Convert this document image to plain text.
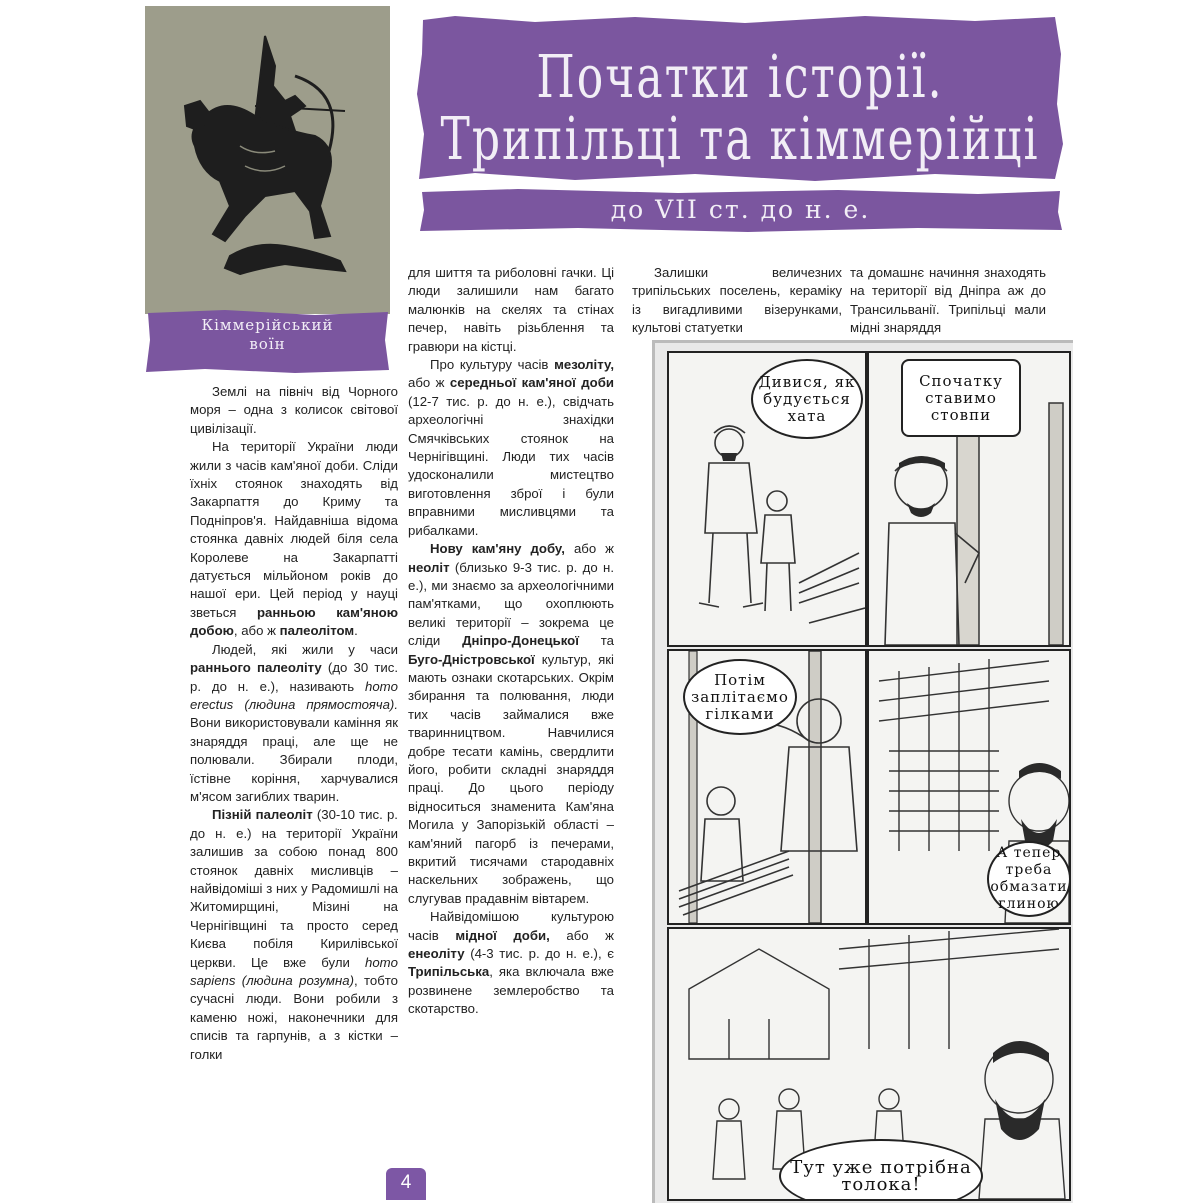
Початки історії.
Трипільці та кіммерійці
до VII ст. до н. е.
Кіммерійський воїн

Землі на північ від Чорного моря – одна з колисок світової цивілізації.

На території України люди жили з часів кам'яної доби. Сліди їхніх стоянок знаходять від Закарпаття до Криму та Подніпров'я. Найдавніша відома стоянка давніх людей біля села Королеве на Закарпатті датується мільйоном років до нашої ери. Цей період у науці зветься ранньою кам'яною добою, або ж палеолітом.

Людей, які жили у часи раннього палеоліту (до 30 тис. р. до н. е.), називають homo erectus (людина прямостояча). Вони використовували каміння як знаряддя праці, але ще не полювали. Збирали плоди, їстівне коріння, харчувалися м'ясом загиблих тварин.

Пізній палеоліт (30-10 тис. р. до н. е.) на території України залишив за собою понад 800 стоянок давніх мисливців – найвідоміші з них у Радомишлі на Житомирщині, Мізині на Чернігівщині та просто серед Києва побіля Кирилівської церкви. Це вже були homo sapiens (людина розумна), тобто сучасні люди. Вони робили з каменю ножі, наконечники для списів та гарпунів, а з кістки – голки

для шиття та риболовні гачки. Ці люди залишили нам багато малюнків на скелях та стінах печер, навіть різьблення та гравюри на кістці.

Про культуру часів мезоліту, або ж середньої кам'яної доби (12-7 тис. р. до н. е.), свідчать археологічні знахідки Смячківських стоянок на Чернігівщині. Люди тих часів удосконалили мистецтво виготовлення зброї і були вправними мисливцями та рибалками.

Нову кам'яну добу, або ж неоліт (близько 9-3 тис. р. до н. е.), ми знаємо за археологічними пам'ятками, що охоплюють великі території – зокрема це сліди Дніпро-Донецької та Буго-Дністровської культур, які мають ознаки скотарських. Окрім збирання та полювання, люди тих часів займалися вже тваринництвом. Навчилися добре тесати камінь, свердлити його, робити складні знаряддя праці. До цього періоду відноситься знаменита Кам'яна Могила у Запорізькій області – кам'яний пагорб із печерами, вкритий тисячами стародавніх наскельних зображень, що слугував прадавнім вівтарем.

Найвідомішою культурою часів мідної доби, або ж енеоліту (4-3 тис. р. до н. е.), є Трипільська, яка включала вже розвинене землеробство та скотарство.

Залишки величезних трипільських поселень, кераміку із вигадливими візерунками, культові статуетки

та домашнє начиння знаходять на території від Дніпра аж до Трансильванії. Трипільці мали мідні знаряддя

Дивися, як будується хата
Спочатку ставимо стовпи
Потім заплітаємо гілками
А тепер треба обмазати глиною
Тут уже потрібна толока!
4
